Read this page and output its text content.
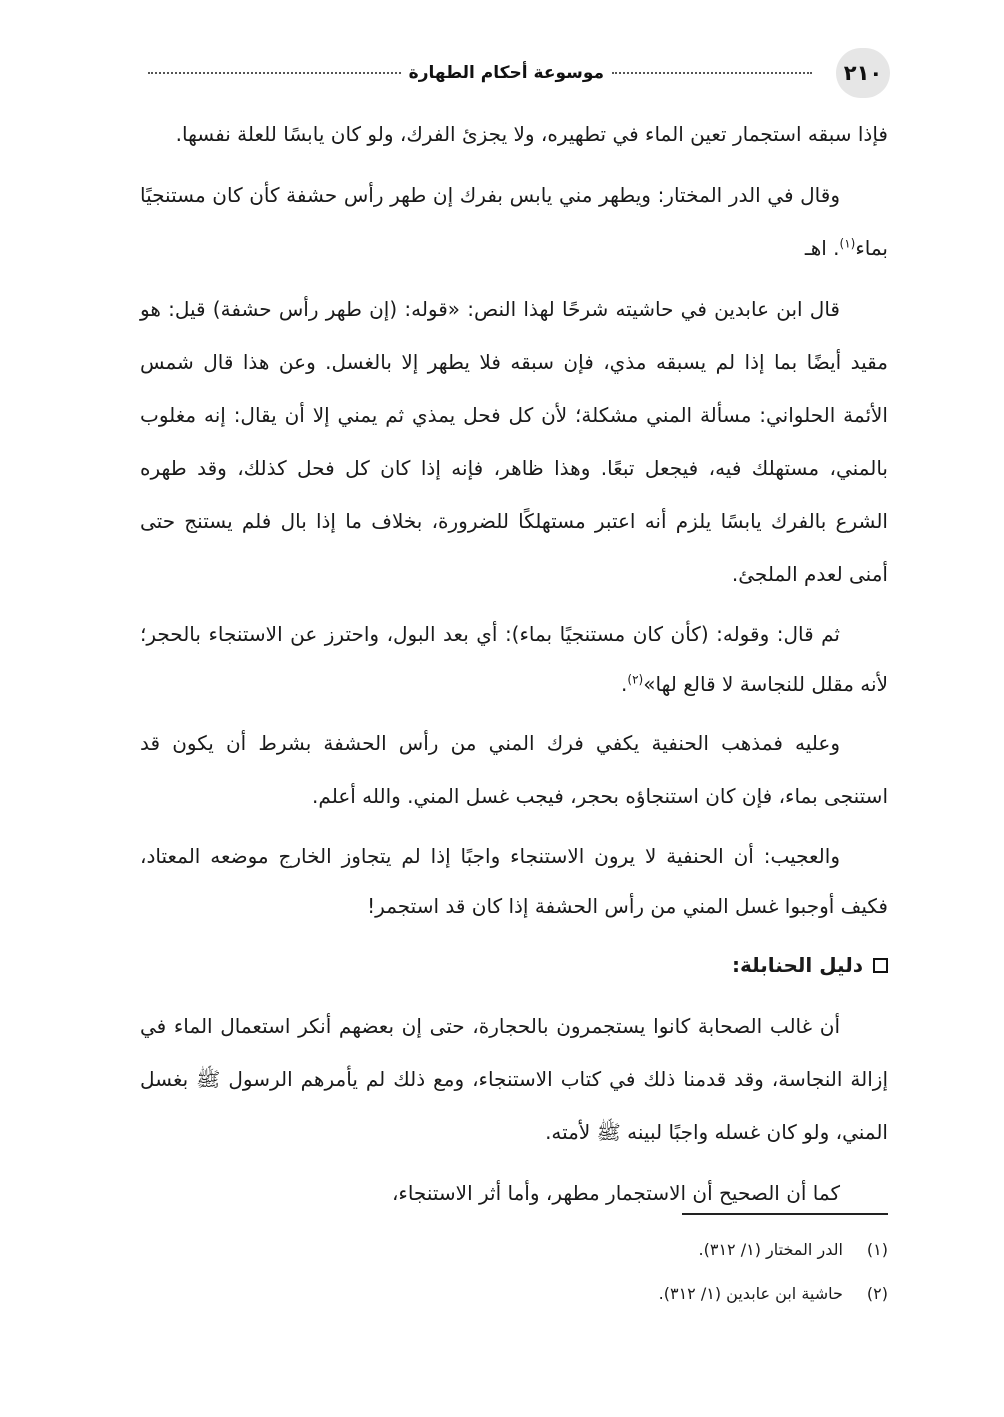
٢١٠
موسوعة أحكام الطهارة

فإذا سبقه استجمار تعين الماء في تطهيره، ولا يجزئ الفرك، ولو كان يابسًا للعلة نفسها.

وقال في الدر المختار: ويطهر مني يابس بفرك إن طهر رأس حشفة كأن كان مستنجيًا بماء$^{(١)}$. اهـ

قال ابن عابدين في حاشيته شرحًا لهذا النص: «قوله: (إن طهر رأس حشفة) قيل: هو مقيد أيضًا بما إذا لم يسبقه مذي، فإن سبقه فلا يطهر إلا بالغسل. وعن هذا قال شمس الأئمة الحلواني: مسألة المني مشكلة؛ لأن كل فحل يمذي ثم يمني إلا أن يقال: إنه مغلوب بالمني، مستهلك فيه، فيجعل تبعًا. وهذا ظاهر، فإنه إذا كان كل فحل كذلك، وقد طهره الشرع بالفرك يابسًا يلزم أنه اعتبر مستهلكًا للضرورة، بخلاف ما إذا بال فلم يستنج حتى أمنى لعدم الملجئ.

ثم قال: وقوله: (كأن كان مستنجيًا بماء): أي بعد البول، واحترز عن الاستنجاء بالحجر؛ لأنه مقلل للنجاسة لا قالع لها»$^{(٢)}$.

وعليه فمذهب الحنفية يكفي فرك المني من رأس الحشفة بشرط أن يكون قد استنجى بماء، فإن كان استنجاؤه بحجر، فيجب غسل المني. والله أعلم.

والعجيب: أن الحنفية لا يرون الاستنجاء واجبًا إذا لم يتجاوز الخارج موضعه المعتاد، فكيف أوجبوا غسل المني من رأس الحشفة إذا كان قد استجمر!

دليل الحنابلة:

أن غالب الصحابة كانوا يستجمرون بالحجارة، حتى إن بعضهم أنكر استعمال الماء في إزالة النجاسة، وقد قدمنا ذلك في كتاب الاستنجاء، ومع ذلك لم يأمرهم الرسول ﷺ بغسل المني، ولو كان غسله واجبًا لبينه ﷺ لأمته.

كما أن الصحيح أن الاستجمار مطهر، وأما أثر الاستنجاء،

(١) الدر المختار (١/ ٣١٢).
(٢) حاشية ابن عابدين (١/ ٣١٢).
